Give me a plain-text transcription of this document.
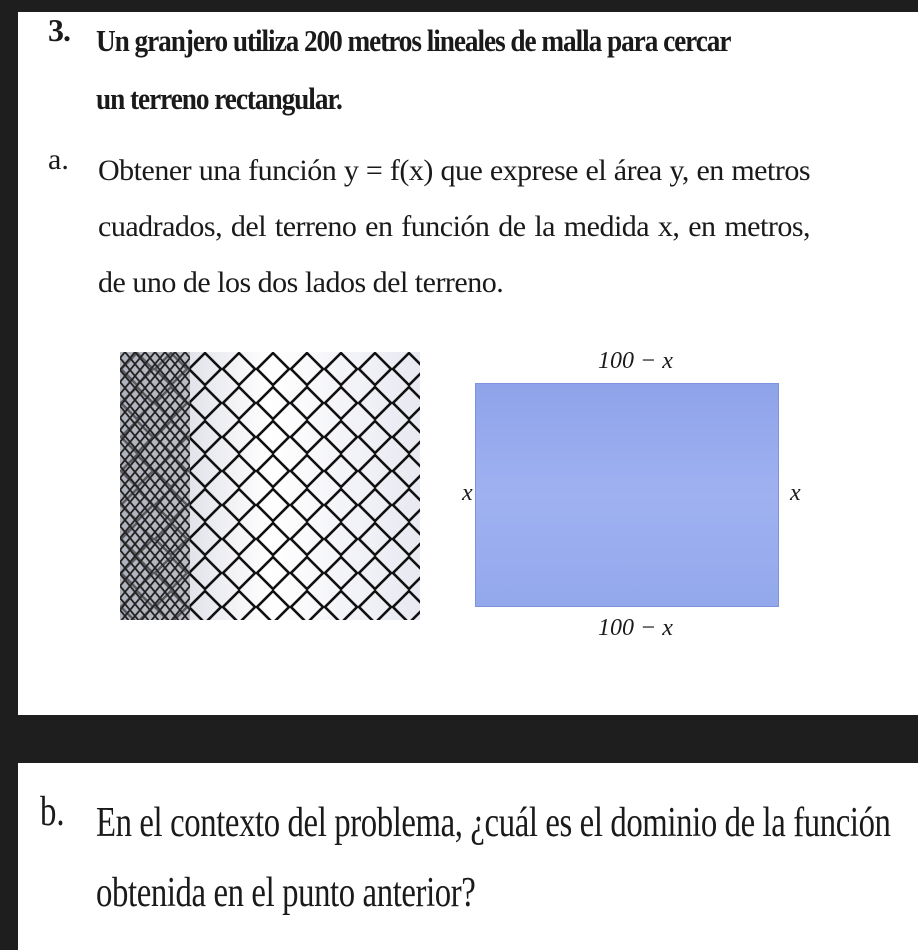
3. Un granjero utiliza 200 metros lineales de malla para cercar un terreno rectangular.
a. Obtener una función y = f(x) que exprese el área y, en metros cuadrados, del terreno en función de la medida x, en metros, de uno de los dos lados del terreno.
100 − x
100 − x
x	x
b. En el contexto del problema, ¿cuál es el dominio de la función obtenida en el punto anterior?
